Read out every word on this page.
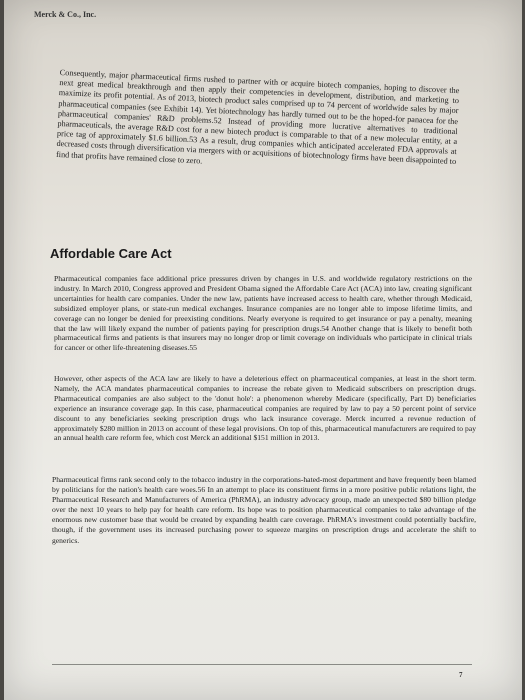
Merck & Co., Inc.

Consequently, major pharmaceutical firms rushed to partner with or acquire biotech companies, hoping to discover the next great medical breakthrough and then apply their competencies in development, distribution, and marketing to maximize its profit potential. As of 2013, biotech product sales comprised up to 74 percent of worldwide sales by major pharmaceutical companies (see Exhibit 14). Yet biotechnology has hardly turned out to be the hoped-for panacea for the pharmaceutical companies' R&D problems.52 Instead of providing more lucrative alternatives to traditional pharmaceuticals, the average R&D cost for a new biotech product is comparable to that of a new molecular entity, at a price tag of approximately $1.6 billion.53 As a result, drug companies which anticipated accelerated FDA approvals at decreased costs through diversification via mergers with or acquisitions of biotechnology firms have been disappointed to find that profits have remained close to zero.

Affordable Care Act

Pharmaceutical companies face additional price pressures driven by changes in U.S. and worldwide regulatory restrictions on the industry. In March 2010, Congress approved and President Obama signed the Affordable Care Act (ACA) into law, creating significant uncertainties for health care companies. Under the new law, patients have increased access to health care, whether through Medicaid, subsidized employer plans, or state-run medical exchanges. Insurance companies are no longer able to impose lifetime limits, and coverage can no longer be denied for preexisting conditions. Nearly everyone is required to get insurance or pay a penalty, meaning that the law will likely expand the number of patients paying for prescription drugs.54 Another change that is likely to benefit both pharmaceutical firms and patients is that insurers may no longer drop or limit coverage on individuals who participate in clinical trials for cancer or other life-threatening diseases.55

However, other aspects of the ACA law are likely to have a deleterious effect on pharmaceutical companies, at least in the short term. Namely, the ACA mandates pharmaceutical companies to increase the rebate given to Medicaid subscribers on prescription drugs. Pharmaceutical companies are also subject to the 'donut hole': a phenomenon whereby Medicare (specifically, Part D) beneficiaries experience an insurance coverage gap. In this case, pharmaceutical companies are required by law to pay a 50 percent point of service discount to any beneficiaries seeking prescription drugs who lack insurance coverage. Merck incurred a revenue reduction of approximately $280 million in 2013 on account of these legal provisions. On top of this, pharmaceutical manufacturers are required to pay an annual health care reform fee, which cost Merck an additional $151 million in 2013.

Pharmaceutical firms rank second only to the tobacco industry in the corporations-hated-most department and have frequently been blamed by politicians for the nation's health care woes.56 In an attempt to place its constituent firms in a more positive public relations light, the Pharmaceutical Research and Manufacturers of America (PhRMA), an industry advocacy group, made an unexpected $80 billion pledge over the next 10 years to help pay for health care reform. Its hope was to position pharmaceutical companies to take advantage of the enormous new customer base that would be created by expanding health care coverage. PhRMA's investment could potentially backfire, though, if the government uses its increased purchasing power to squeeze margins on prescription drugs and accelerate the shift to generics.

7
